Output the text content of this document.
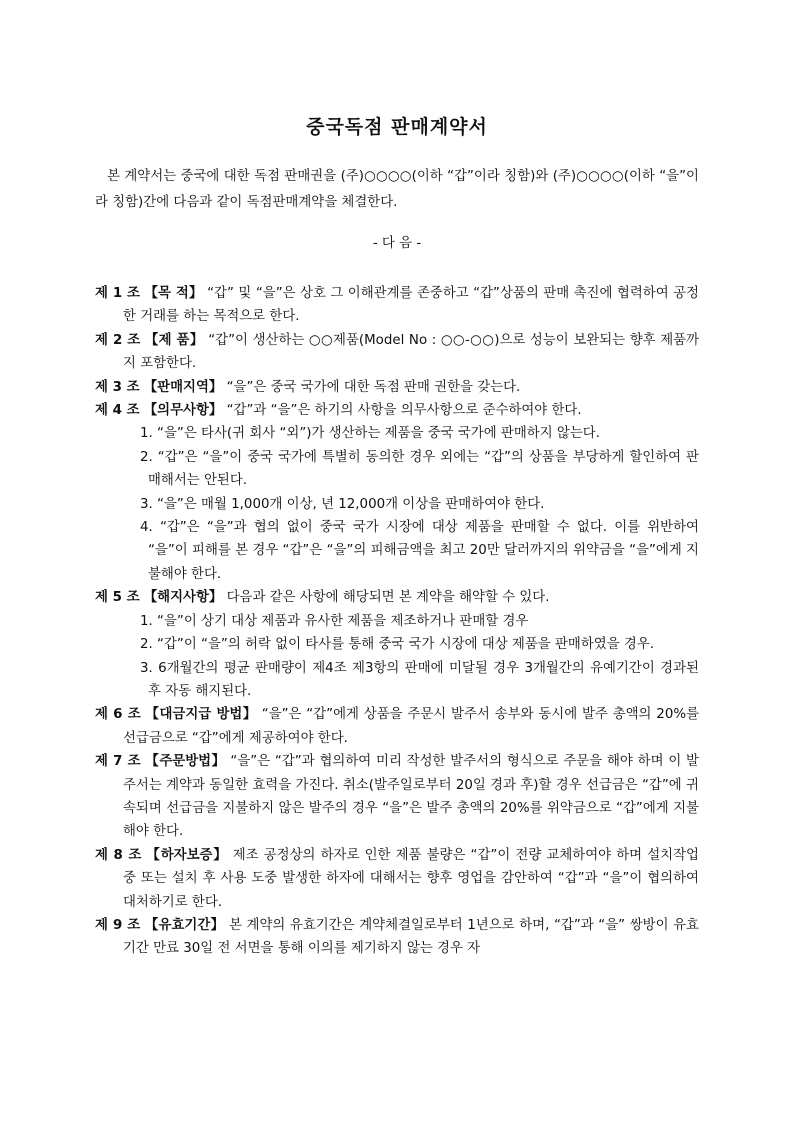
중국독점 판매계약서
본 계약서는 중국에 대한 독점 판매권을 (주)○○○○(이하 “갑”이라 칭함)와 (주)○○○○(이하 “을”이라 칭함)간에 다음과 같이 독점판매계약을 체결한다.
- 다 음 -
제 1 조 【목 적】 “갑” 및 “을”은 상호 그 이해관계를 존중하고 “갑”상품의 판매 촉진에 협력하여 공정한 거래를 하는 목적으로 한다.
제 2 조 【제 품】 “갑”이 생산하는 ○○제품(Model No : ○○-○○)으로 성능이 보완되는 향후 제품까지 포함한다.
제 3 조 【판매지역】 “을”은 중국 국가에 대한 독점 판매 권한을 갖는다.
제 4 조 【의무사항】 “갑”과 “을”은 하기의 사항을 의무사항으로 준수하여야 한다.
1. “을”은 타사(귀 회사 “외”)가 생산하는 제품을 중국 국가에 판매하지 않는다.
2. “갑”은 “을”이 중국 국가에 특별히 동의한 경우 외에는 “갑”의 상품을 부당하게 할인하여 판매해서는 안된다.
3. “을”은 매월 1,000개 이상, 년 12,000개 이상을 판매하여야 한다.
4. “갑”은 “을”과 협의 없이 중국 국가 시장에 대상 제품을 판매할 수 없다. 이를 위반하여 “을”이 피해를 본 경우 “갑”은 “을”의 피해금액을 최고 20만 달러까지의 위약금을 “을”에게 지불해야 한다.
제 5 조 【해지사항】 다음과 같은 사항에 해당되면 본 계약을 해약할 수 있다.
1. “을”이 상기 대상 제품과 유사한 제품을 제조하거나 판매할 경우
2. “갑”이 “을”의 허락 없이 타사를 통해 중국 국가 시장에 대상 제품을 판매하였을 경우.
3. 6개월간의 평균 판매량이 제4조 제3항의 판매에 미달될 경우 3개월간의 유예기간이 경과된 후 자동 해지된다.
제 6 조 【대금지급 방법】 “을”은 “갑”에게 상품을 주문시 발주서 송부와 동시에 발주 총액의 20%를 선급금으로 “갑”에게 제공하여야 한다.
제 7 조 【주문방법】 “을”은 “갑”과 협의하여 미리 작성한 발주서의 형식으로 주문을 해야 하며 이 발주서는 계약과 동일한 효력을 가진다. 취소(발주일로부터 20일 경과 후)할 경우 선급금은 “갑”에 귀속되며 선급금을 지불하지 않은 발주의 경우 “을”은 발주 총액의 20%를 위약금으로 “갑”에게 지불해야 한다.
제 8 조 【하자보증】 제조 공정상의 하자로 인한 제품 불량은 “갑”이 전량 교체하여야 하며 설치작업 중 또는 설치 후 사용 도중 발생한 하자에 대해서는 향후 영업을 감안하여 “갑”과 “을”이 협의하여 대처하기로 한다.
제 9 조 【유효기간】 본 계약의 유효기간은 계약체결일로부터 1년으로 하며, “갑”과 “을” 쌍방이 유효기간 만료 30일 전 서면을 통해 이의를 제기하지 않는 경우 자
